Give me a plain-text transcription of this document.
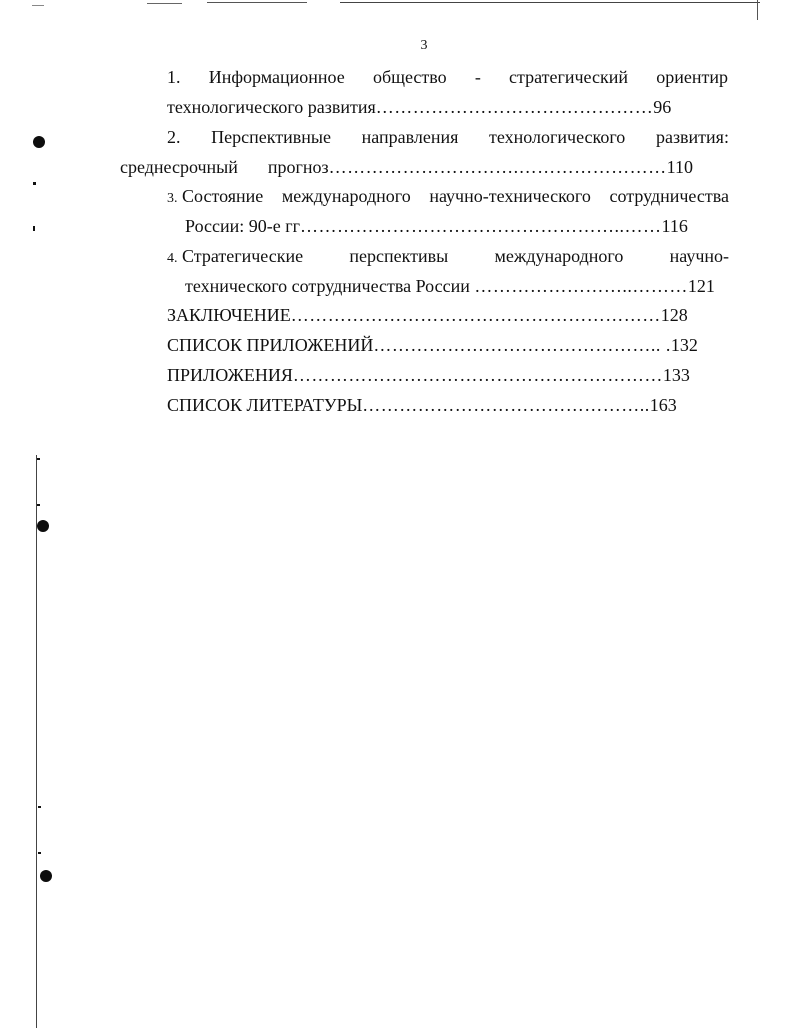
3
1. Информационное общество - стратегический ориентир
технологического развития………………………………………96
2. Перспективные направления технологического развития:
среднесрочный прогноз………………………….……………………110
3. Состояние международного научно-технического сотрудничества
России: 90-е гг……………………………………………..……116
4. Стратегические	перспективы	международного	научно-
технического сотрудничества России ……………………..………121
ЗАКЛЮЧЕНИЕ……………………………………………………128
СПИСОК ПРИЛОЖЕНИЙ……………………………………….. .132
ПРИЛОЖЕНИЯ……………………………………………………133
СПИСОК ЛИТЕРАТУРЫ………………………………………..163
